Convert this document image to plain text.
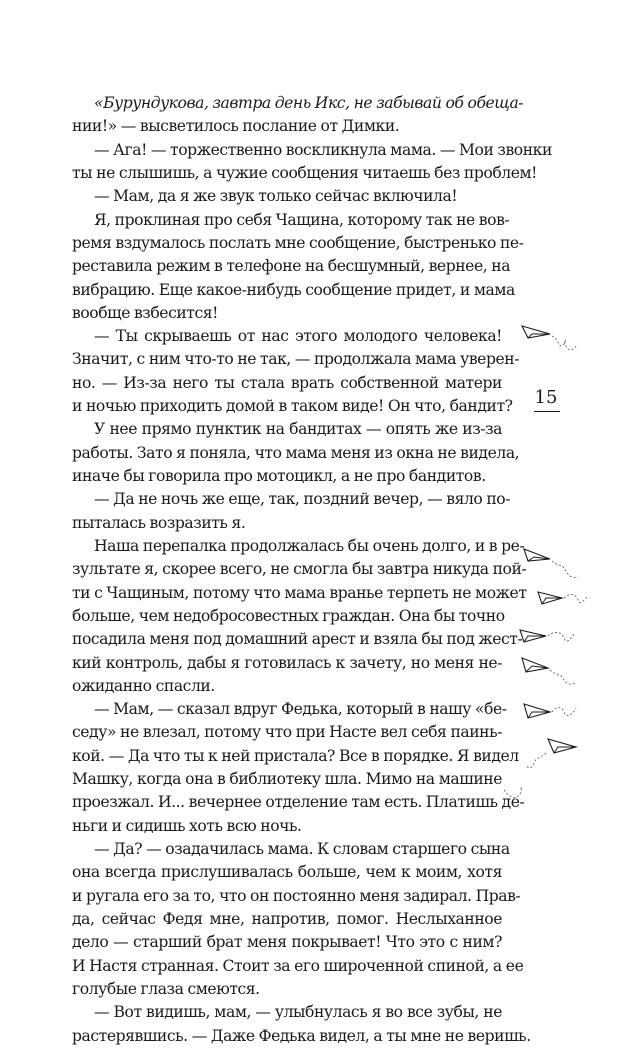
«Бурундукова, завтра день Икс, не забывай об обеща-
нии!» — высветилось послание от Димки.
— Ага! — торжественно воскликнула мама. — Мои звонки
ты не слышишь, а чужие сообщения читаешь без проблем!
— Мам, да я же звук только сейчас включила!
Я, проклиная про себя Чащина, которому так не вов-
ремя вздумалось послать мне сообщение, быстренько пе-
реставила режим в телефоне на бесшумный, вернее, на
вибрацию. Еще какое-нибудь сообщение придет, и мама
вообще взбесится!
— Ты скрываешь от нас этого молодого человека!
Значит, с ним что-то не так, — продолжала мама уверен-
но. — Из-за него ты стала врать собственной матери
и ночью приходить домой в таком виде! Он что, бандит?
У нее прямо пунктик на бандитах — опять же из-за
работы. Зато я поняла, что мама меня из окна не видела,
иначе бы говорила про мотоцикл, а не про бандитов.
— Да не ночь же еще, так, поздний вечер, — вяло по-
пыталась возразить я.
Наша перепалка продолжалась бы очень долго, и в ре-
зультате я, скорее всего, не смогла бы завтра никуда пой-
ти с Чащиным, потому что мама вранье терпеть не может
больше, чем недобросовестных граждан. Она бы точно
посадила меня под домашний арест и взяла бы под жест-
кий контроль, дабы я готовилась к зачету, но меня не-
ожиданно спасли.
— Мам, — сказал вдруг Федька, который в нашу «бе-
седу» не влезал, потому что при Насте вел себя паинь-
кой. — Да что ты к ней пристала? Все в порядке. Я видел
Машку, когда она в библиотеку шла. Мимо на машине
проезжал. И... вечернее отделение там есть. Платишь де-
ньги и сидишь хоть всю ночь.
— Да? — озадачилась мама. К словам старшего сына
она всегда прислушивалась больше, чем к моим, хотя
и ругала его за то, что он постоянно меня задирал. Прав-
да, сейчас Федя мне, напротив, помог. Неслыханное
дело — старший брат меня покрывает! Что это с ним?
И Настя странная. Стоит за его широченной спиной, а ее
голубые глаза смеются.
— Вот видишь, мам, — улыбнулась я во все зубы, не
растерявшись. — Даже Федька видел, а ты мне не веришь.
15
